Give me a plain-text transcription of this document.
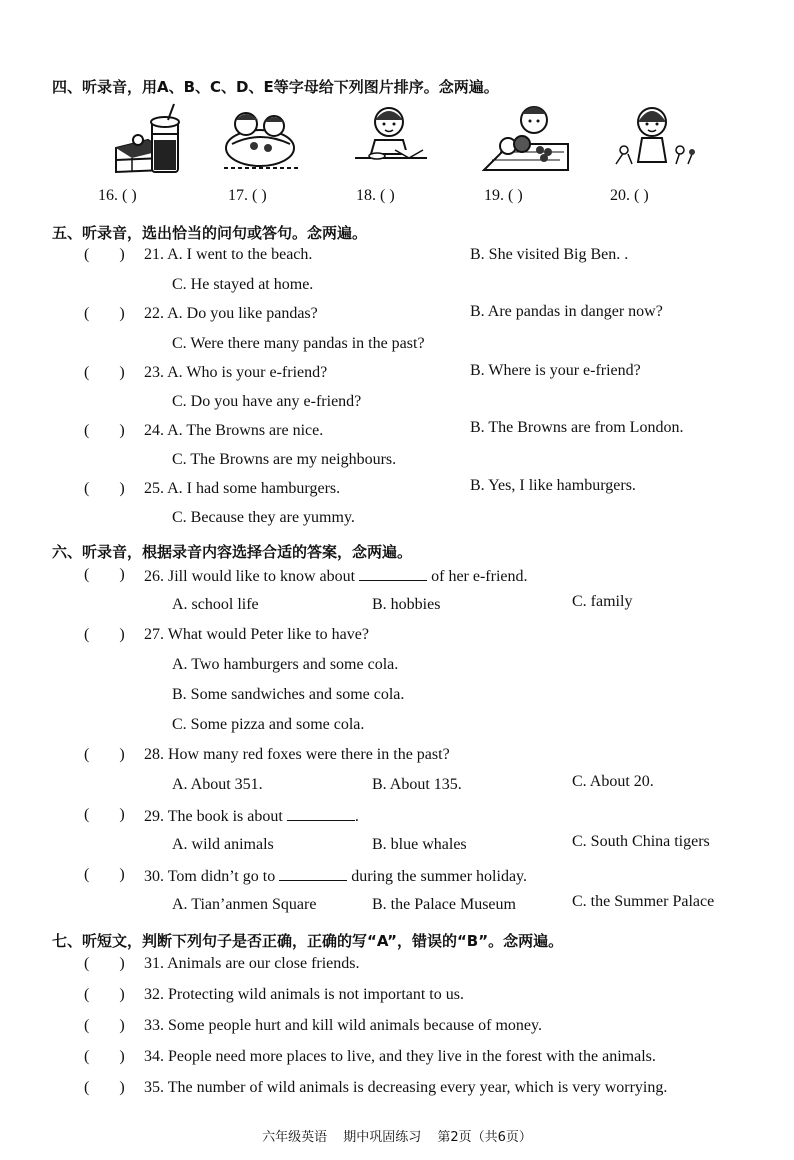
四、听录音，用A、B、C、D、E等字母给下列图片排序。念两遍。
16. ( )	17. ( )	18. ( )	19. ( )	20. ( )
五、听录音，选出恰当的问句或答句。念两遍。
( ) 21. A. I went to the beach.	B. She visited Big Ben. .
C. He stayed at home.
( ) 22. A. Do you like pandas?	B. Are pandas in danger now?
C. Were there many pandas in the past?
( ) 23. A. Who is your e-friend?	B. Where is your e-friend?
C. Do you have any e-friend?
( ) 24. A. The Browns are nice.	B. The Browns are from London.
C. The Browns are my neighbours.
( ) 25. A. I had some hamburgers.	B. Yes, I like hamburgers.
C. Because they are yummy.
六、听录音，根据录音内容选择合适的答案，念两遍。
( ) 26. Jill would like to know about	of her e-friend.
A. school life	B. hobbies	C. family
( ) 27. What would Peter like to have?
A. Two hamburgers and some cola.
B. Some sandwiches and some cola.
C. Some pizza and some cola.
( ) 28. How many red foxes were there in the past?
A. About 351.	B. About 135.	C. About 20.
( ) 29. The book is about	.
A. wild animals	B. blue whales	C. South China tigers
( ) 30. Tom didn’t go to	during the summer holiday.
A. Tian’anmen Square	B. the Palace Museum	C. the Summer Palace
七、听短文，判断下列句子是否正确，正确的写“A”，错误的“B”。念两遍。
( ) 31. Animals are our close friends.
( ) 32. Protecting wild animals is not important to us.
( ) 33. Some people hurt and kill wild animals because of money.
( ) 34. People need more places to live, and they live in the forest with the animals.
( ) 35. The number of wild animals is decreasing every year, which is very worrying.
六年级英语 期中巩固练习 第2页（共6页）
